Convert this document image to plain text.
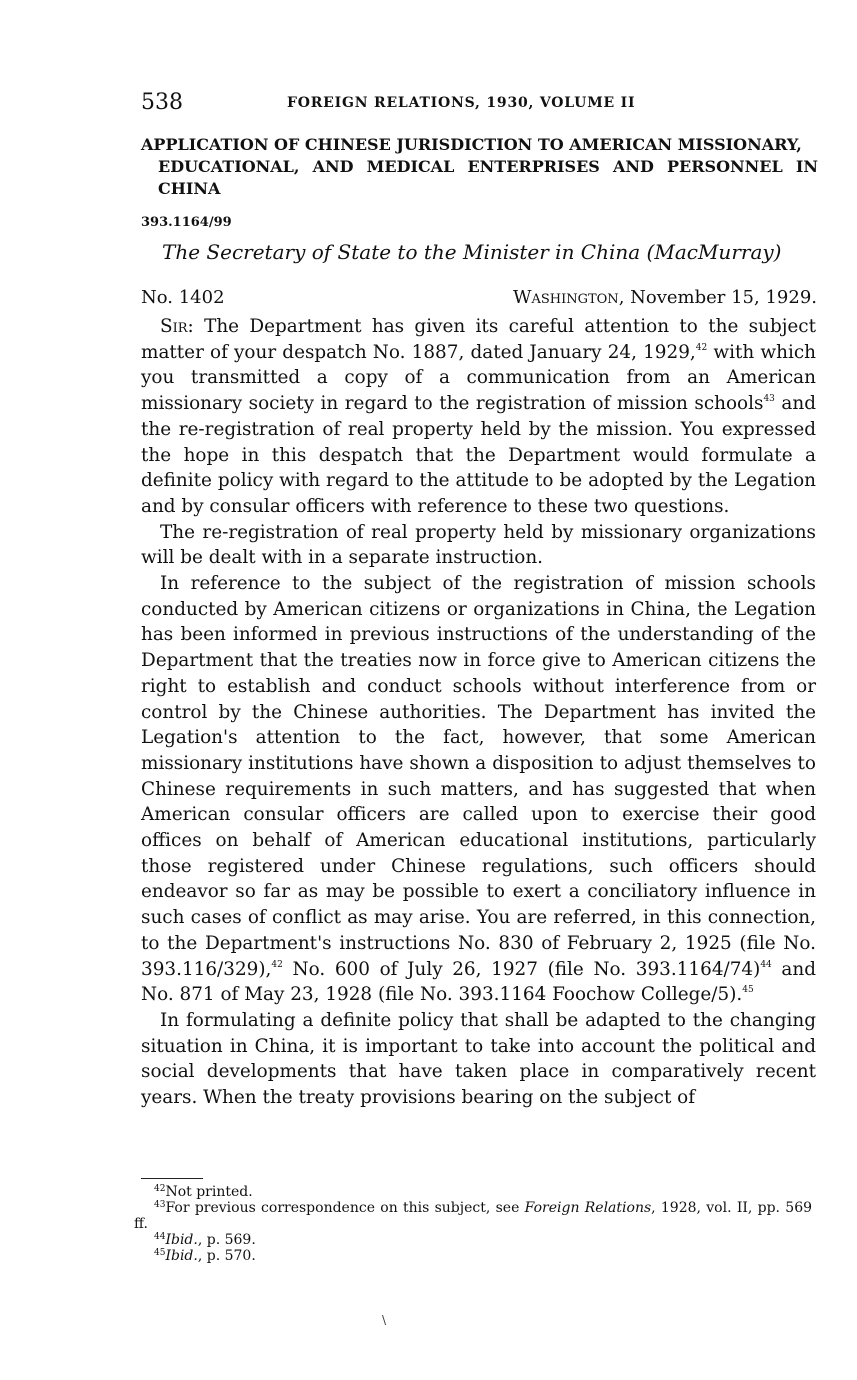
538	FOREIGN RELATIONS, 1930, VOLUME II
APPLICATION OF CHINESE JURISDICTION TO AMERICAN MISSIONARY,
EDUCATIONAL, AND MEDICAL ENTERPRISES AND PERSONNEL IN CHINA
393.1164/99
The Secretary of State to the Minister in China (MacMurray)
No. 1402	Washington, November 15, 1929.

Sir: The Department has given its careful attention to the subject matter of your despatch No. 1887, dated January 24, 1929,42 with which you transmitted a copy of a communication from an American missionary society in regard to the registration of mission schools$^{43}$ and the re-registration of real property held by the mission. You expressed the hope in this despatch that the Department would formulate a definite policy with regard to the attitude to be adopted by the Legation and by consular officers with reference to these two questions.

The re-registration of real property held by missionary organizations will be dealt with in a separate instruction.

In reference to the subject of the registration of mission schools conducted by American citizens or organizations in China, the Legation has been informed in previous instructions of the understanding of the Department that the treaties now in force give to American citizens the right to establish and conduct schools without interference from or control by the Chinese authorities. The Department has invited the Legation's attention to the fact, however, that some American missionary institutions have shown a disposition to adjust themselves to Chinese requirements in such matters, and has suggested that when American consular officers are called upon to exercise their good offices on behalf of American educational institutions, particularly those registered under Chinese regulations, such officers should endeavor so far as may be possible to exert a conciliatory influence in such cases of conflict as may arise. You are referred, in this connection, to the Department's instructions No. 830 of February 2, 1925 (file No. 393.116/329),$^{42}$ No. 600 of July 26, 1927 (file No. 393.1164/74)$^{44}$ and No. 871 of May 23, 1928 (file No. 393.1164 Foochow College/5).$^{45}$

In formulating a definite policy that shall be adapted to the changing situation in China, it is important to take into account the political and social developments that have taken place in comparatively recent years. When the treaty provisions bearing on the subject of

$^{42}$Not printed.
$^{43}$For previous correspondence on this subject, see Foreign Relations, 1928, vol. II, pp. 569 ff.
$^{44}$Ibid., p. 569.
$^{45}$Ibid., p. 570.
\
